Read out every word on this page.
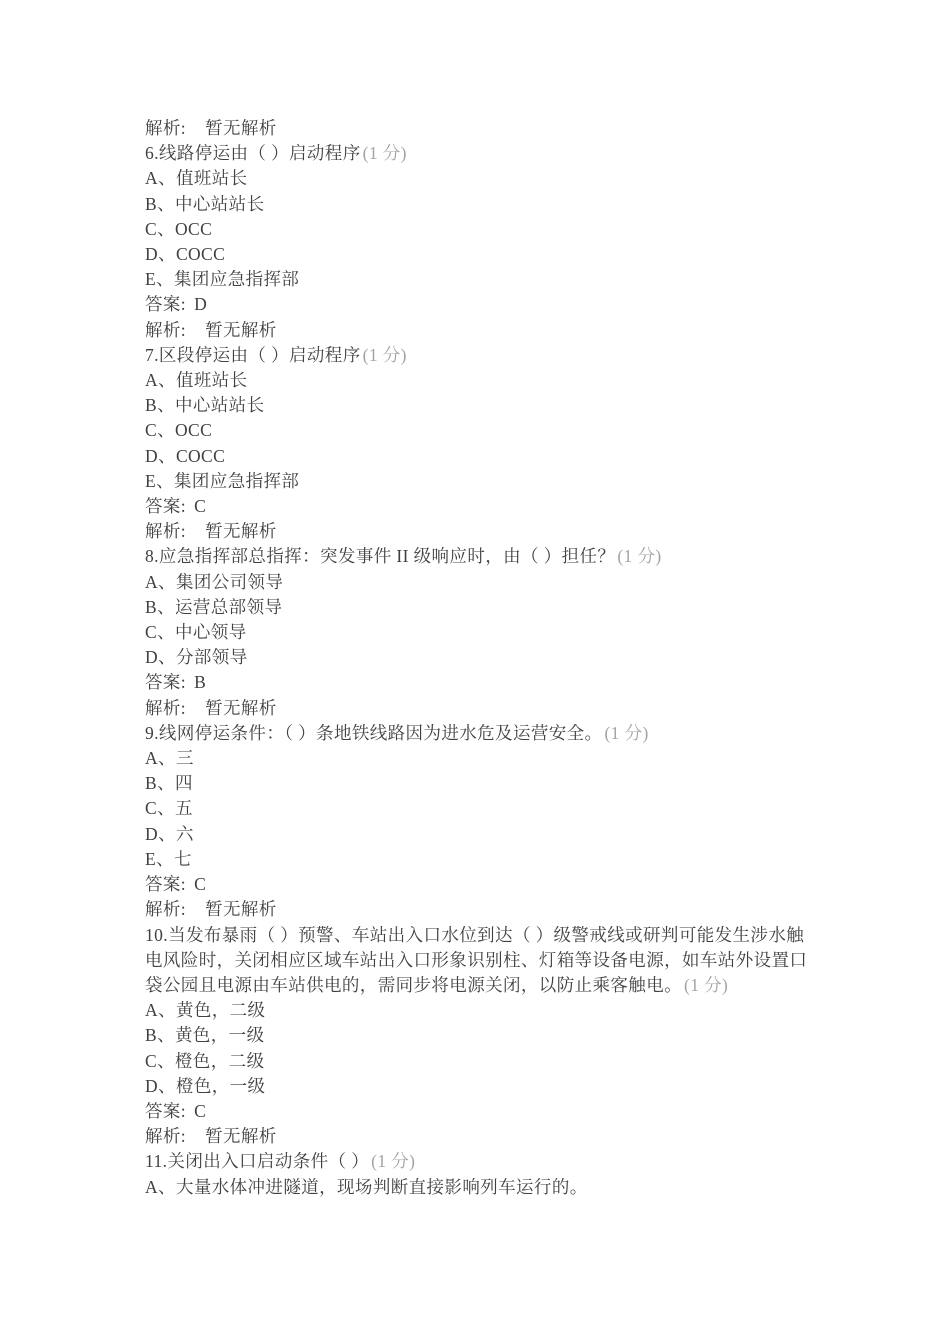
解析: 暂无解析
6.线路停运由（ ）启动程序 (1 分)
A、值班站长
B、中心站站长
C、OCC
D、COCC
E、集团应急指挥部
答案: D
解析: 暂无解析
7.区段停运由（ ）启动程序 (1 分)
A、值班站长
B、中心站站长
C、OCC
D、COCC
E、集团应急指挥部
答案: C
解析: 暂无解析
8.应急指挥部总指挥：突发事件 II 级响应时，由（ ）担任？ (1 分)
A、集团公司领导
B、运营总部领导
C、中心领导
D、分部领导
答案: B
解析: 暂无解析
9.线网停运条件：（ ）条地铁线路因为进水危及运营安全。 (1 分)
A、三
B、四
C、五
D、六
E、七
答案: C
解析: 暂无解析
10.当发布暴雨（ ）预警、车站出入口水位到达（ ）级警戒线或研判可能发生涉水触电风险时，关闭相应区域车站出入口形象识别柱、灯箱等设备电源，如车站外设置口袋公园且电源由车站供电的，需同步将电源关闭，以防止乘客触电。 (1 分)
A、黄色，二级
B、黄色，一级
C、橙色，二级
D、橙色，一级
答案: C
解析: 暂无解析
11.关闭出入口启动条件（ ） (1 分)
A、大量水体冲进隧道，现场判断直接影响列车运行的。
